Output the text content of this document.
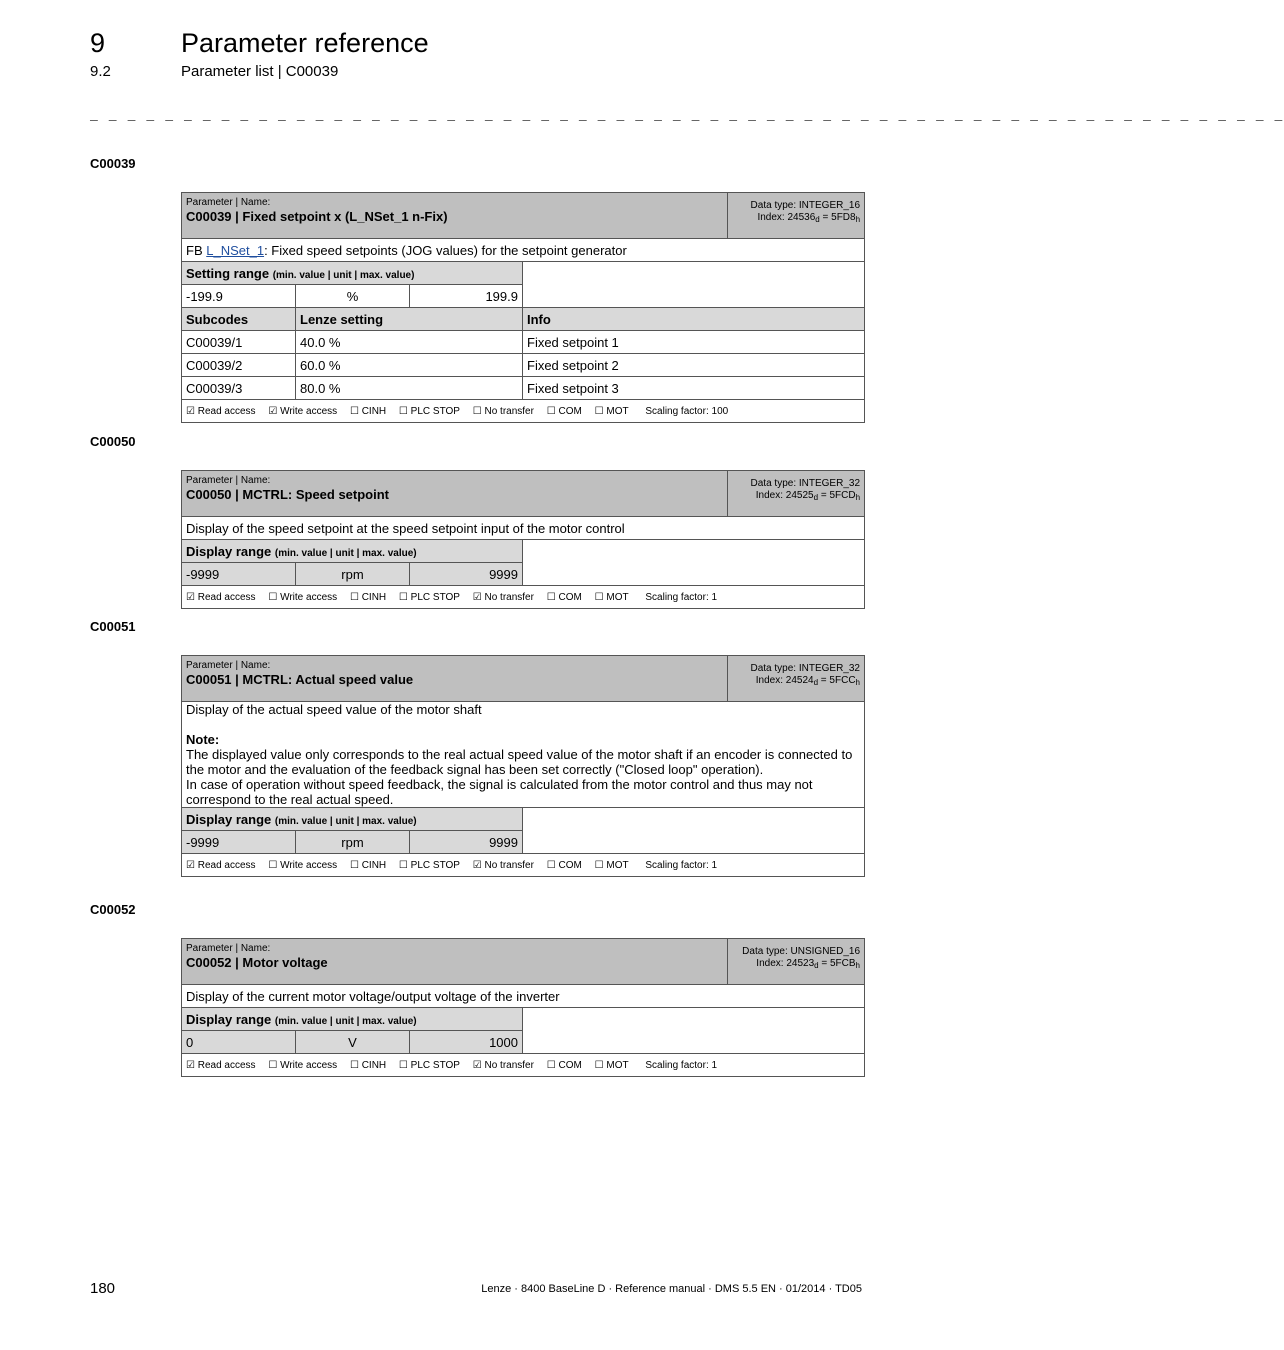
9	Parameter reference
9.2	Parameter list | C00039
_ _ _ _ _ _ _ _ _ _ _ _ _ _ _ _ _ _ _ _ _ _ _ _ _ _ _ _ _ _ _ _ _ _ _ _ _ _ _ _ _ _ _ _ _ _ _ _ _ _ _ _ _ _ _ _ _ _ _ _ _ _ _ _
C00039
Parameter | Name:
C00039 | Fixed setpoint x (L_NSet_1 n-Fix)				Data type: INTEGER_16
Index: $24536_d = 5FD8_h$
FB L_NSet_1: Fixed speed setpoints (JOG values) for the setpoint generator				
Setting range (min. value | unit | max. value)				
-199.9	%	199.9		
Subcodes	Lenze setting		Info	
C00039/1	40.0 %		Fixed setpoint 1	
C00039/2	60.0 %		Fixed setpoint 2	
C00039/3	80.0 %		Fixed setpoint 3	
☑ Read access ☑ Write access ☐ CINH ☐ PLC STOP ☐ No transfer ☐ COM ☐ MOT Scaling factor: 100				
C00050
Parameter | Name:
C00050 | MCTRL: Speed setpoint				Data type: INTEGER_32
Index: $24525_d = 5FCD_h$
Display of the speed setpoint at the speed setpoint input of the motor control				
Display range (min. value | unit | max. value)				
-9999	rpm	9999		
☑ Read access ☐ Write access ☐ CINH ☐ PLC STOP ☑ No transfer ☐ COM ☐ MOT Scaling factor: 1				
C00051
Parameter | Name:
C00051 | MCTRL: Actual speed value				Data type: INTEGER_32
Index: $24524_d = 5FCC_h$

Display of the actual speed value of the motor shaft
Note:
The displayed value only corresponds to the real actual speed value of the motor shaft if an encoder is connected to the motor and the evaluation of the feedback signal has been set correctly ("Closed loop" operation).
In case of operation without speed feedback, the signal is calculated from the motor control and thus may not correspond to the real actual speed.				

Display range (min. value | unit | max. value)				
-9999	rpm	9999		
☑ Read access ☐ Write access ☐ CINH ☐ PLC STOP ☑ No transfer ☐ COM ☐ MOT Scaling factor: 1				
C00052
Parameter | Name:
C00052 | Motor voltage				Data type: UNSIGNED_16
Index: $24523_d = 5FCB_h$
Display of the current motor voltage/output voltage of the inverter				
Display range (min. value | unit | max. value)				
0	V	1000		
☑ Read access ☐ Write access ☐ CINH ☐ PLC STOP ☑ No transfer ☐ COM ☐ MOT Scaling factor: 1				
180	Lenze · 8400 BaseLine D · Reference manual · DMS 5.5 EN · 01/2014 · TD05
